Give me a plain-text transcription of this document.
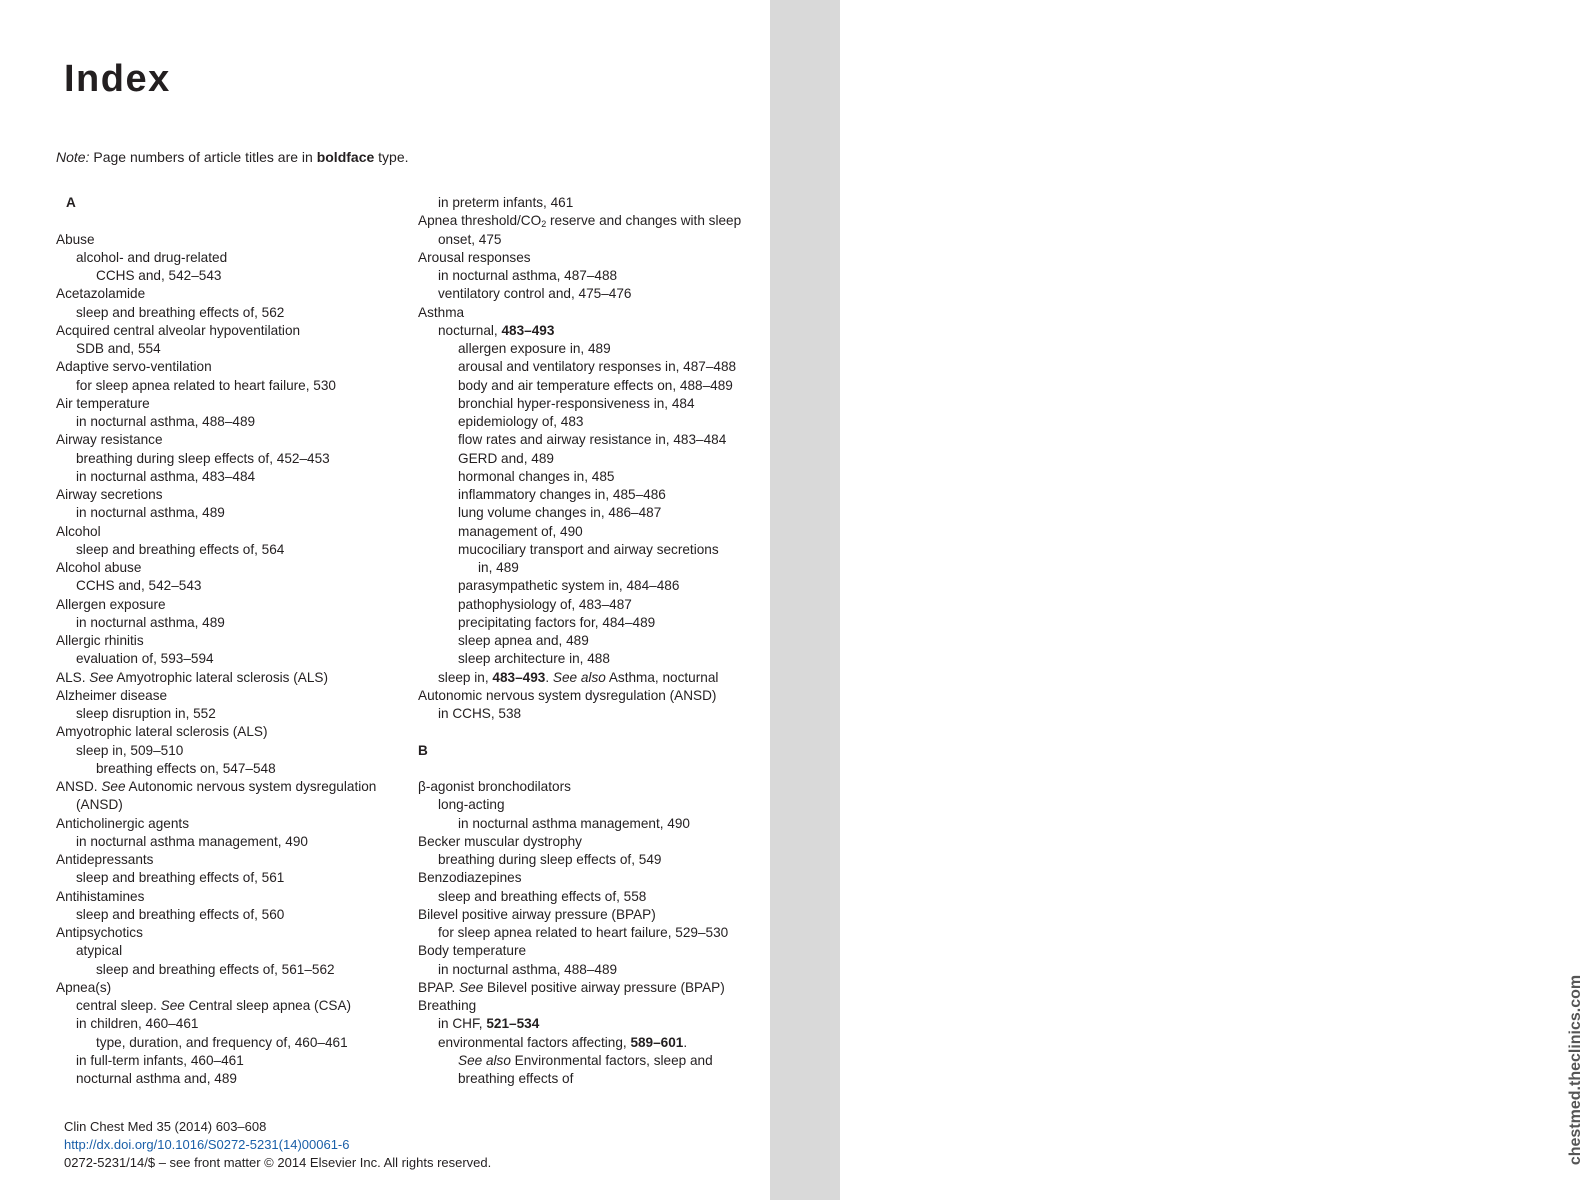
chestmed.theclinics.com
Index
Note: Page numbers of article titles are in boldface type.
A
Abuse
alcohol- and drug-related
CCHS and, 542–543
Acetazolamide
sleep and breathing effects of, 562
Acquired central alveolar hypoventilation
SDB and, 554
Adaptive servo-ventilation
for sleep apnea related to heart failure, 530
Air temperature
in nocturnal asthma, 488–489
Airway resistance
breathing during sleep effects of, 452–453
in nocturnal asthma, 483–484
Airway secretions
in nocturnal asthma, 489
Alcohol
sleep and breathing effects of, 564
Alcohol abuse
CCHS and, 542–543
Allergen exposure
in nocturnal asthma, 489
Allergic rhinitis
evaluation of, 593–594
ALS. See Amyotrophic lateral sclerosis (ALS)
Alzheimer disease
sleep disruption in, 552
Amyotrophic lateral sclerosis (ALS)
sleep in, 509–510
breathing effects on, 547–548
ANSD. See Autonomic nervous system dysregulation
(ANSD)
Anticholinergic agents
in nocturnal asthma management, 490
Antidepressants
sleep and breathing effects of, 561
Antihistamines
sleep and breathing effects of, 560
Antipsychotics
atypical
sleep and breathing effects of, 561–562
Apnea(s)
central sleep. See Central sleep apnea (CSA)
in children, 460–461
type, duration, and frequency of, 460–461
in full-term infants, 460–461
nocturnal asthma and, 489
in preterm infants, 461
Apnea threshold/$CO_2$ reserve and changes with sleep
onset, 475
Arousal responses
in nocturnal asthma, 487–488
ventilatory control and, 475–476
Asthma
nocturnal, 483–493
allergen exposure in, 489
arousal and ventilatory responses in, 487–488
body and air temperature effects on, 488–489
bronchial hyper-responsiveness in, 484
epidemiology of, 483
flow rates and airway resistance in, 483–484
GERD and, 489
hormonal changes in, 485
inflammatory changes in, 485–486
lung volume changes in, 486–487
management of, 490
mucociliary transport and airway secretions
in, 489
parasympathetic system in, 484–486
pathophysiology of, 483–487
precipitating factors for, 484–489
sleep apnea and, 489
sleep architecture in, 488
sleep in, 483–493. See also Asthma, nocturnal
Autonomic nervous system dysregulation (ANSD)
in CCHS, 538
B
β-agonist bronchodilators
long-acting
in nocturnal asthma management, 490
Becker muscular dystrophy
breathing during sleep effects of, 549
Benzodiazepines
sleep and breathing effects of, 558
Bilevel positive airway pressure (BPAP)
for sleep apnea related to heart failure, 529–530
Body temperature
in nocturnal asthma, 488–489
BPAP. See Bilevel positive airway pressure (BPAP)
Breathing
in CHF, 521–534
environmental factors affecting, 589–601.
See also Environmental factors, sleep and
breathing effects of
Clin Chest Med 35 (2014) 603–608
http://dx.doi.org/10.1016/S0272-5231(14)00061-6
0272-5231/14/$ – see front matter © 2014 Elsevier Inc. All rights reserved.
